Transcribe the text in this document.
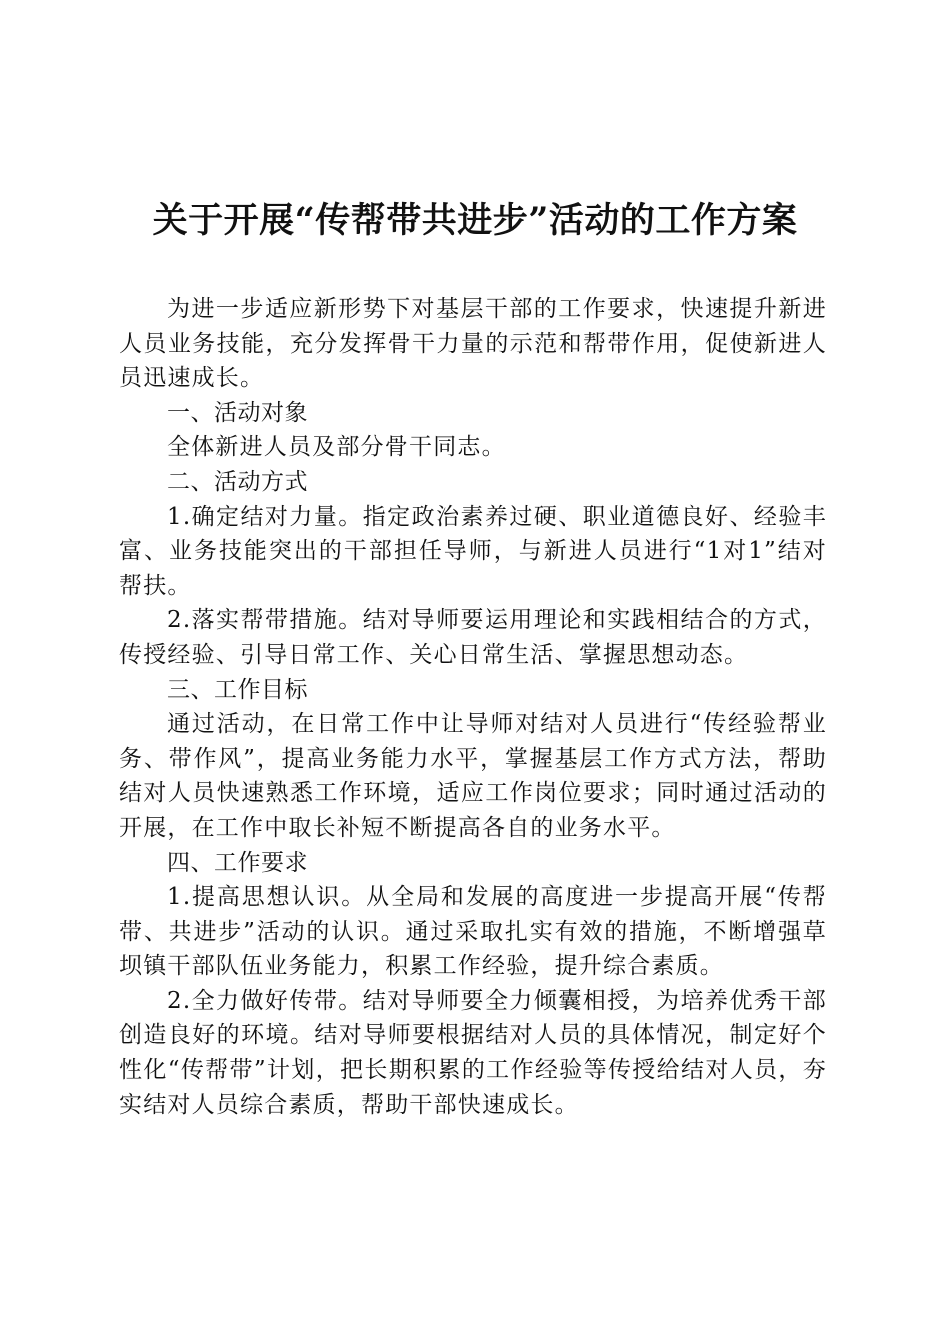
关于开展“传帮带共进步”活动的工作方案

为进一步适应新形势下对基层干部的工作要求，快速提升新进人员业务技能，充分发挥骨干力量的示范和帮带作用，促使新进人员迅速成长。

一、活动对象

全体新进人员及部分骨干同志。

二、活动方式

1.确定结对力量。指定政治素养过硬、职业道德良好、经验丰富、业务技能突出的干部担任导师，与新进人员进行“1对1”结对帮扶。

2.落实帮带措施。结对导师要运用理论和实践相结合的方式，传授经验、引导日常工作、关心日常生活、掌握思想动态。

三、工作目标

通过活动，在日常工作中让导师对结对人员进行“传经验帮业务、带作风”，提高业务能力水平，掌握基层工作方式方法，帮助结对人员快速熟悉工作环境，适应工作岗位要求；同时通过活动的开展，在工作中取长补短不断提高各自的业务水平。

四、工作要求

1.提高思想认识。从全局和发展的高度进一步提高开展“传帮带、共进步”活动的认识。通过采取扎实有效的措施，不断增强草坝镇干部队伍业务能力，积累工作经验，提升综合素质。

2.全力做好传带。结对导师要全力倾囊相授，为培养优秀干部创造良好的环境。结对导师要根据结对人员的具体情况，制定好个性化“传帮带”计划，把长期积累的工作经验等传授给结对人员，夯实结对人员综合素质，帮助干部快速成长。
